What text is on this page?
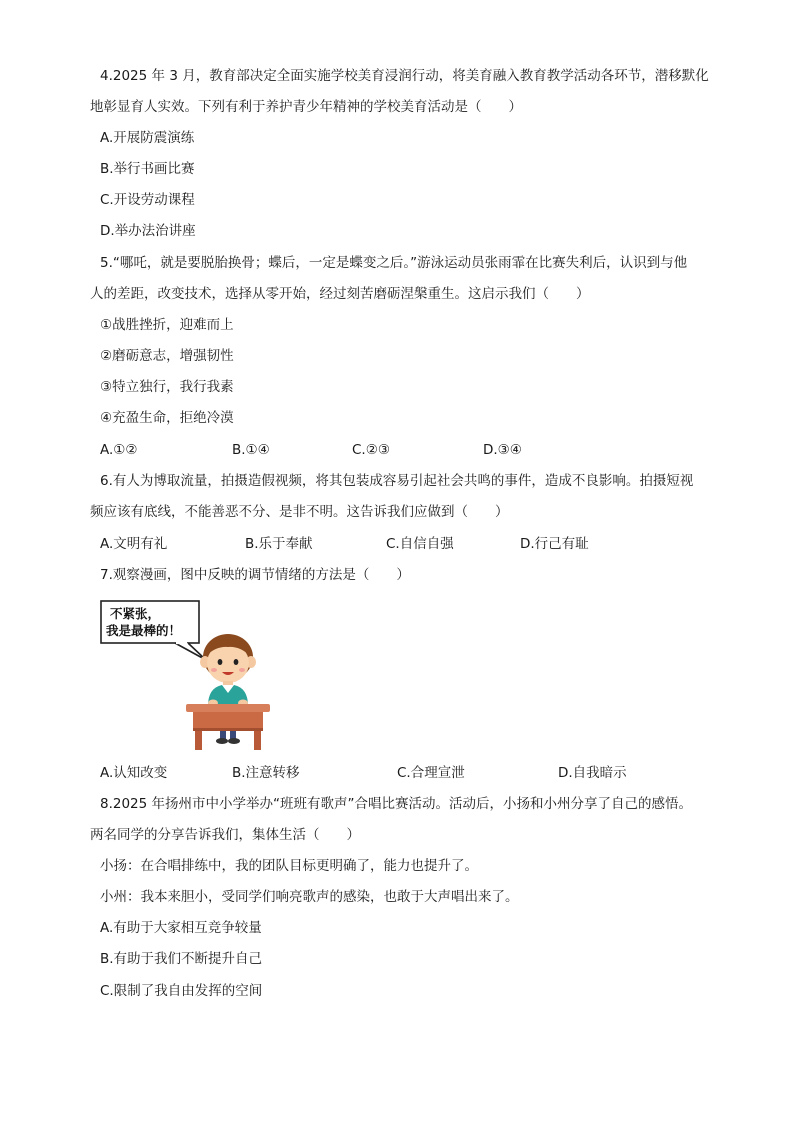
4.2025 年 3 月，教育部决定全面实施学校美育浸润行动，将美育融入教育教学活动各环节，潜移默化
地彰显育人实效。下列有利于养护青少年精神的学校美育活动是（　　）
A.开展防震演练
B.举行书画比赛
C.开设劳动课程
D.举办法治讲座
5.“哪吒，就是要脱胎换骨；蝶后，一定是蝶变之后。”游泳运动员张雨霏在比赛失利后，认识到与他
人的差距，改变技术，选择从零开始，经过刻苦磨砺涅槃重生。这启示我们（　　）
①战胜挫折，迎难而上
②磨砺意志，增强韧性
③特立独行，我行我素
④充盈生命，拒绝冷漠
A.①②	B.①④	C.②③	D.③④
6.有人为博取流量，拍摄造假视频，将其包装成容易引起社会共鸣的事件，造成不良影响。拍摄短视
频应该有底线，不能善恶不分、是非不明。这告诉我们应做到（　　）
A.文明有礼	B.乐于奉献	C.自信自强	D.行己有耻
7.观察漫画，图中反映的调节情绪的方法是（　　）
不紧张，
我是最棒的！
A.认知改变	B.注意转移	C.合理宣泄	D.自我暗示
8.2025 年扬州市中小学举办“班班有歌声”合唱比赛活动。活动后，小扬和小州分享了自己的感悟。
两名同学的分享告诉我们，集体生活（　　）
小扬：在合唱排练中，我的团队目标更明确了，能力也提升了。
小州：我本来胆小，受同学们响亮歌声的感染，也敢于大声唱出来了。
A.有助于大家相互竞争较量
B.有助于我们不断提升自己
C.限制了我自由发挥的空间
